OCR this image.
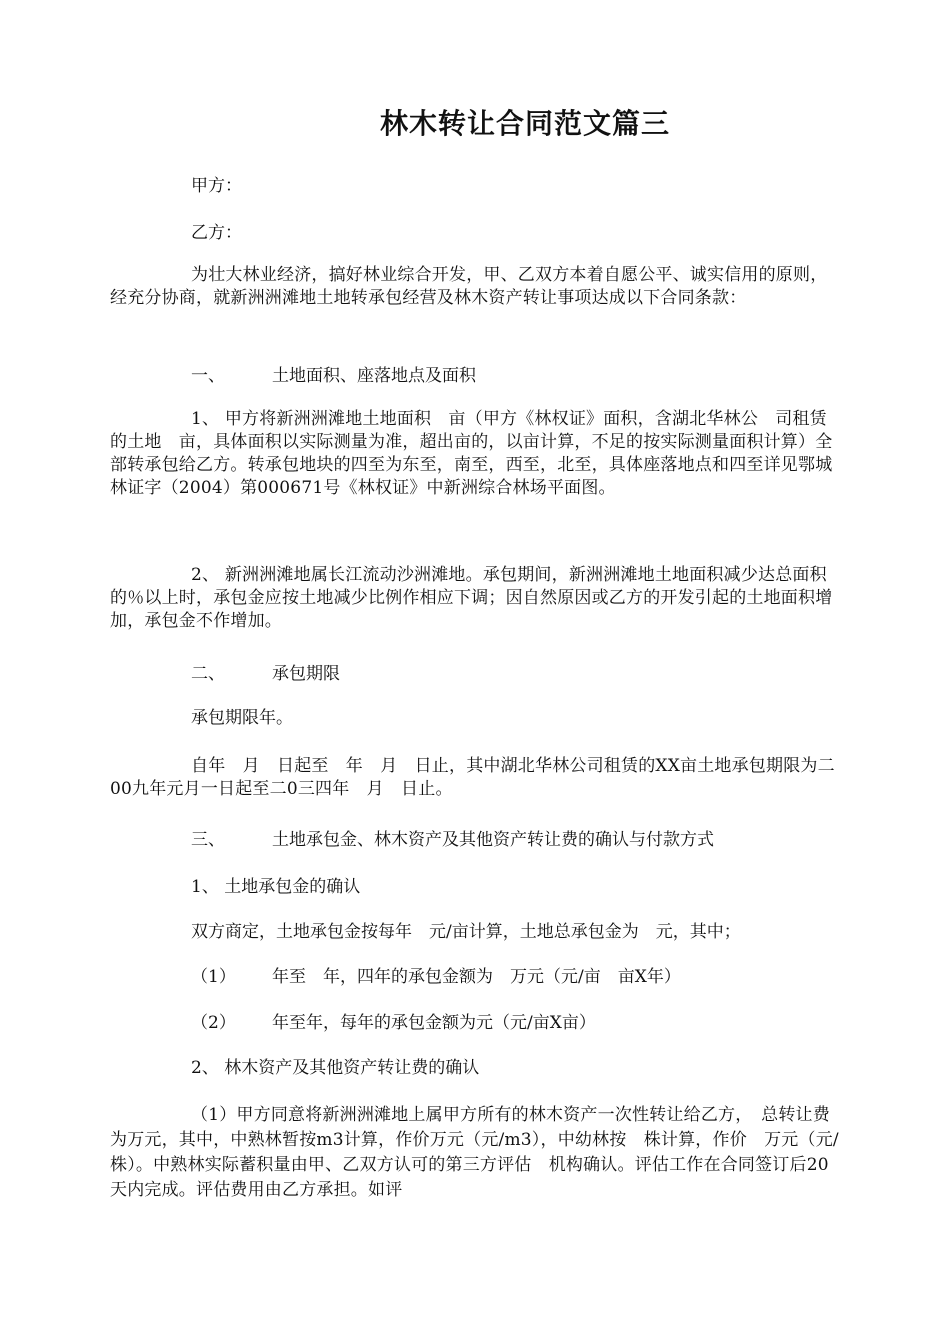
林木转让合同范文篇三

甲方：

乙方：

为壮大林业经济，搞好林业综合开发，甲、乙双方本着自愿公平、诚实信用的原则，经充分协商，就新洲洲滩地土地转承包经营及林木资产转让事项达成以下合同条款：

一、	土地面积、座落地点及面积

1、 甲方将新洲洲滩地土地面积　亩（甲方《林权证》面积，含湖北华林公　司租赁的土地　亩，具体面积以实际测量为准，超出亩的，以亩计算，不足的按实际测量面积计算）全部转承包给乙方。转承包地块的四至为东至，南至，西至，北至，具体座落地点和四至详见鄂城林证字（2004）第000671号《林权证》中新洲综合林场平面图。

2、 新洲洲滩地属长江流动沙洲滩地。承包期间，新洲洲滩地土地面积减少达总面积的％以上时，承包金应按土地减少比例作相应下调；因自然原因或乙方的开发引起的土地面积增加，承包金不作增加。

二、	承包期限

承包期限年。

自年　月　日起至　年　月　日止，其中湖北华林公司租赁的XX亩土地承包期限为二00九年元月一日起至二0三四年　月　日止。

三、	土地承包金、林木资产及其他资产转让费的确认与付款方式

1、 土地承包金的确认

双方商定，土地承包金按每年　元/亩计算，土地总承包金为　元，其中；

（1） 年至　年，四年的承包金额为　万元（元/亩　亩X年）
（2） 年至年，每年的承包金额为元（元/亩X亩）

2、 林木资产及其他资产转让费的确认

（1）甲方同意将新洲洲滩地上属甲方所有的林木资产一次性转让给乙方，　总转让费为万元，其中，中熟林暂按m3计算，作价万元（元/m3），中幼林按　株计算，作价　万元（元/株）。中熟林实际蓄积量由甲、乙双方认可的第三方评估　机构确认。评估工作在合同签订后20天内完成。评估费用由乙方承担。如评
